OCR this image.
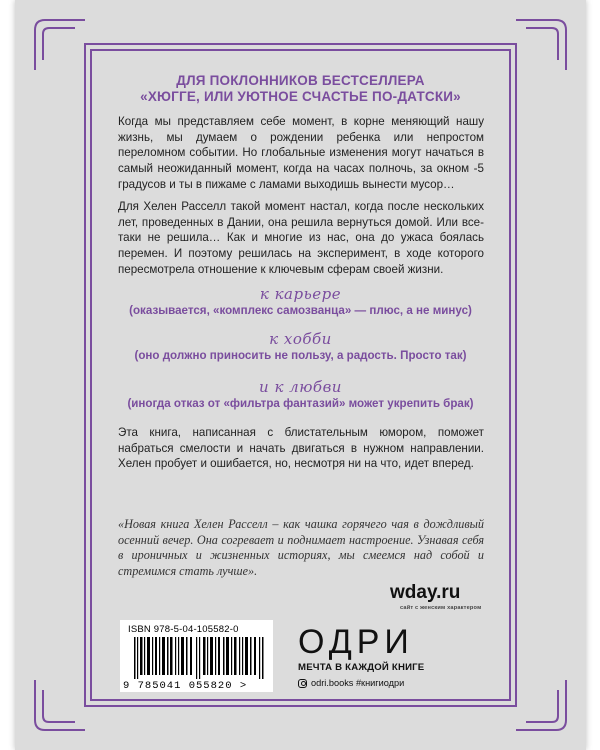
ДЛЯ ПОКЛОННИКОВ БЕСТСЕЛЛЕРА
«ХЮГГЕ, ИЛИ УЮТНОЕ СЧАСТЬЕ ПО-ДАТСКИ»
Когда мы представляем себе момент, в корне меняющий нашу жизнь, мы думаем о рождении ребенка или непростом переломном событии. Но глобальные изменения могут начаться в самый неожиданный момент, когда на часах полночь, за окном -5 градусов и ты в пижаме с ламами выходишь вынести мусор…
Для Хелен Расселл такой момент настал, когда после нескольких лет, проведенных в Дании, она решила вернуться домой. Или все-таки не решила… Как и многие из нас, она до ужаса боялась перемен. И поэтому решилась на эксперимент, в ходе которого пересмотрела отношение к ключевым сферам своей жизни.
к карьере
(оказывается, «комплекс самозванца» — плюс, а не минус)
к хобби
(оно должно приносить не пользу, а радость. Просто так)
и к любви
(иногда отказ от «фильтра фантазий» может укрепить брак)
Эта книга, написанная с блистательным юмором, поможет набраться смелости и начать двигаться в нужном направлении. Хелен пробует и ошибается, но, несмотря ни на что, идет вперед.
«Новая книга Хелен Расселл – как чашка горячего чая в дождливый осенний вечер. Она согревает и поднимает настроение. Узнавая себя в ироничных и жизненных историях, мы смеемся над собой и стремимся стать лучше».
wday.ru
сайт с женским характером
ISBN 978-5-04-105582-0
9 785041 055820 >
ОДРИ
МЕЧТА В КАЖДОЙ КНИГЕ
odri.books #книгиодри
